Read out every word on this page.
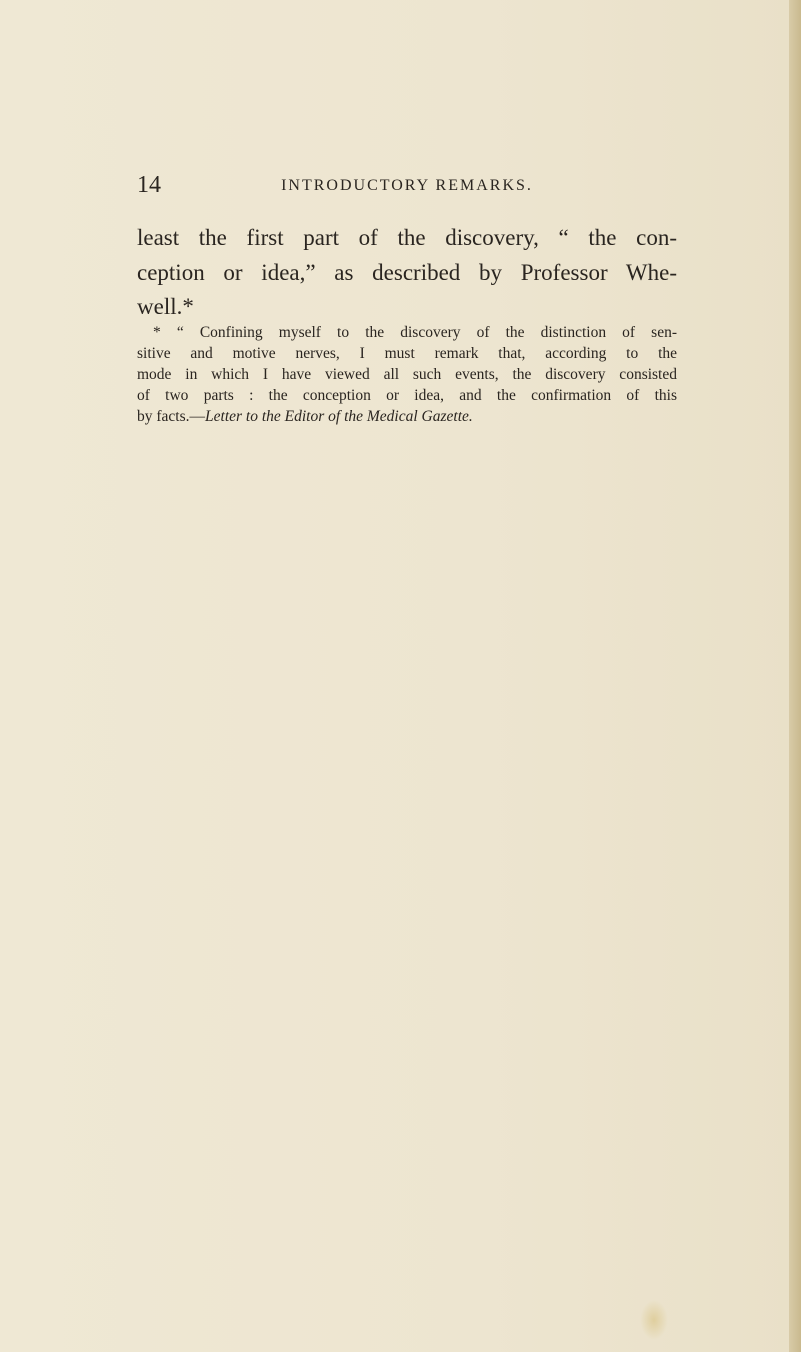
14	INTRODUCTORY REMARKS.

least the first part of the discovery, “ the con-
ception or idea,” as described by Professor Whe-
well.*

* “ Confining myself to the discovery of the distinction of sen-
sitive and motive nerves, I must remark that, according to the
mode in which I have viewed all such events, the discovery consisted
of two parts : the conception or idea, and the confirmation of this
by facts.—Letter to the Editor of the Medical Gazette.
